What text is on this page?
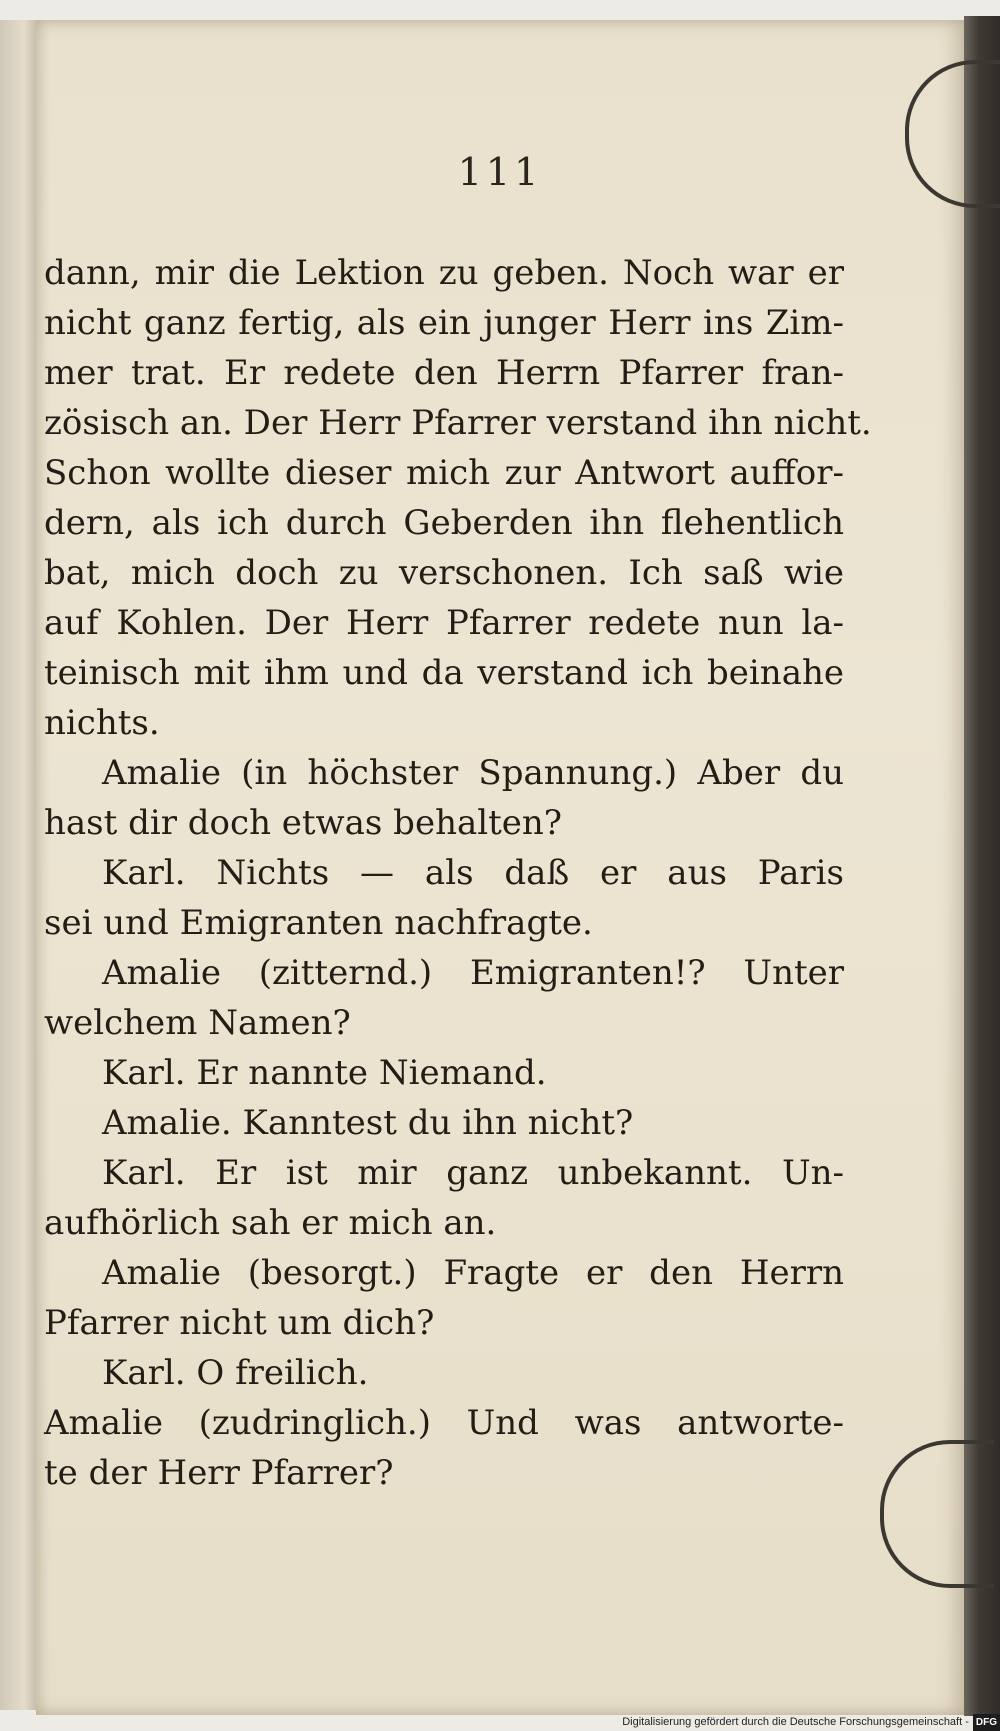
111
dann, mir die Lektion zu geben. Noch war er
nicht ganz fertig, als ein junger Herr ins Zim-
mer trat. Er redete den Herrn Pfarrer fran-
zösisch an. Der Herr Pfarrer verstand ihn nicht.
Schon wollte dieser mich zur Antwort auffor-
dern, als ich durch Geberden ihn flehentlich
bat, mich doch zu verschonen. Ich saß wie
auf Kohlen. Der Herr Pfarrer redete nun la-
teinisch mit ihm und da verstand ich beinahe
nichts.
Amalie (in höchster Spannung.) Aber du
hast dir doch etwas behalten?
Karl. Nichts — als daß er aus Paris
sei und Emigranten nachfragte.
Amalie (zitternd.) Emigranten!? Unter
welchem Namen?
Karl. Er nannte Niemand.
Amalie. Kanntest du ihn nicht?
Karl. Er ist mir ganz unbekannt. Un-
aufhörlich sah er mich an.
Amalie (besorgt.) Fragte er den Herrn
Pfarrer nicht um dich?
Karl. O freilich.
Amalie (zudringlich.) Und was antworte-
te der Herr Pfarrer?
Digitalisierung gefördert durch die Deutsche Forschungsgemeinschaft - DFG
